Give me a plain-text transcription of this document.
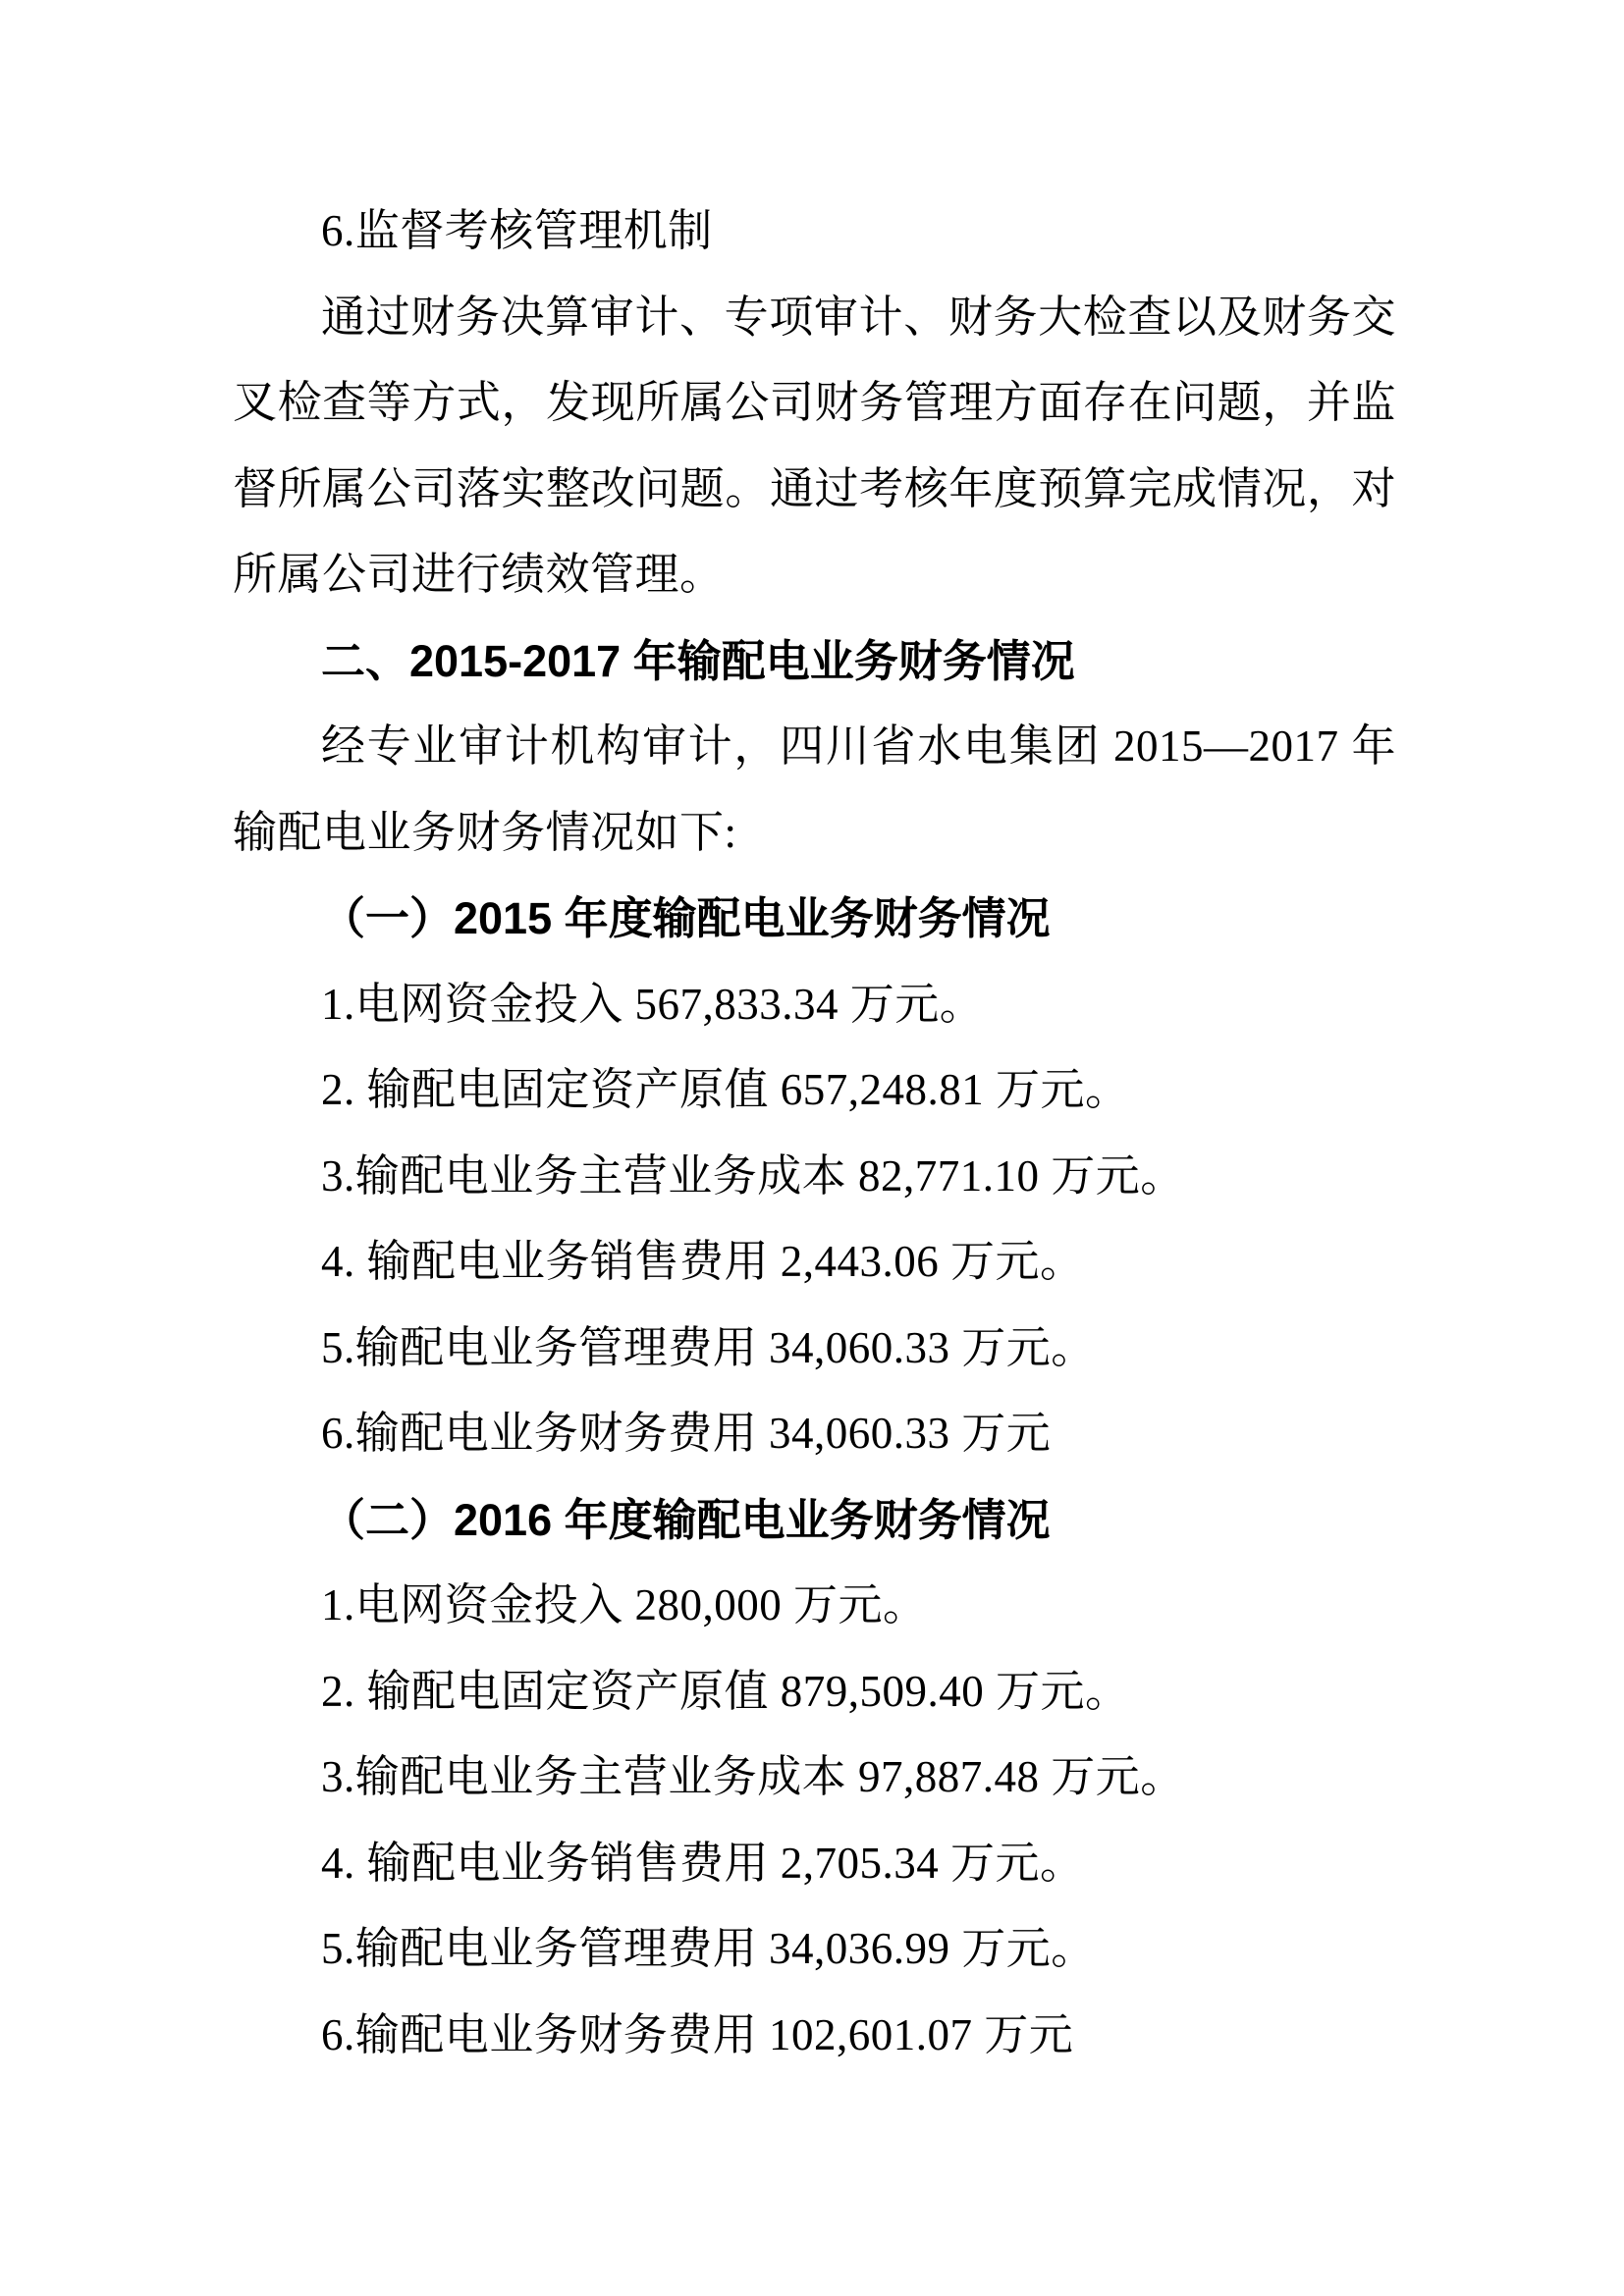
6.监督考核管理机制

通过财务决算审计、专项审计、财务大检查以及财务交叉检查等方式，发现所属公司财务管理方面存在问题，并监督所属公司落实整改问题。通过考核年度预算完成情况，对所属公司进行绩效管理。

二、2015-2017 年输配电业务财务情况

经专业审计机构审计，四川省水电集团 2015—2017 年输配电业务财务情况如下:

（一）2015 年度输配电业务财务情况

1.电网资金投入 567,833.34 万元。

2. 输配电固定资产原值 657,248.81 万元。

3.输配电业务主营业务成本 82,771.10 万元。

4. 输配电业务销售费用 2,443.06 万元。

5.输配电业务管理费用 34,060.33 万元。

6.输配电业务财务费用 34,060.33 万元

（二）2016 年度输配电业务财务情况

1.电网资金投入 280,000 万元。

2. 输配电固定资产原值 879,509.40 万元。

3.输配电业务主营业务成本 97,887.48 万元。

4. 输配电业务销售费用 2,705.34 万元。

5.输配电业务管理费用 34,036.99 万元。

6.输配电业务财务费用 102,601.07 万元
